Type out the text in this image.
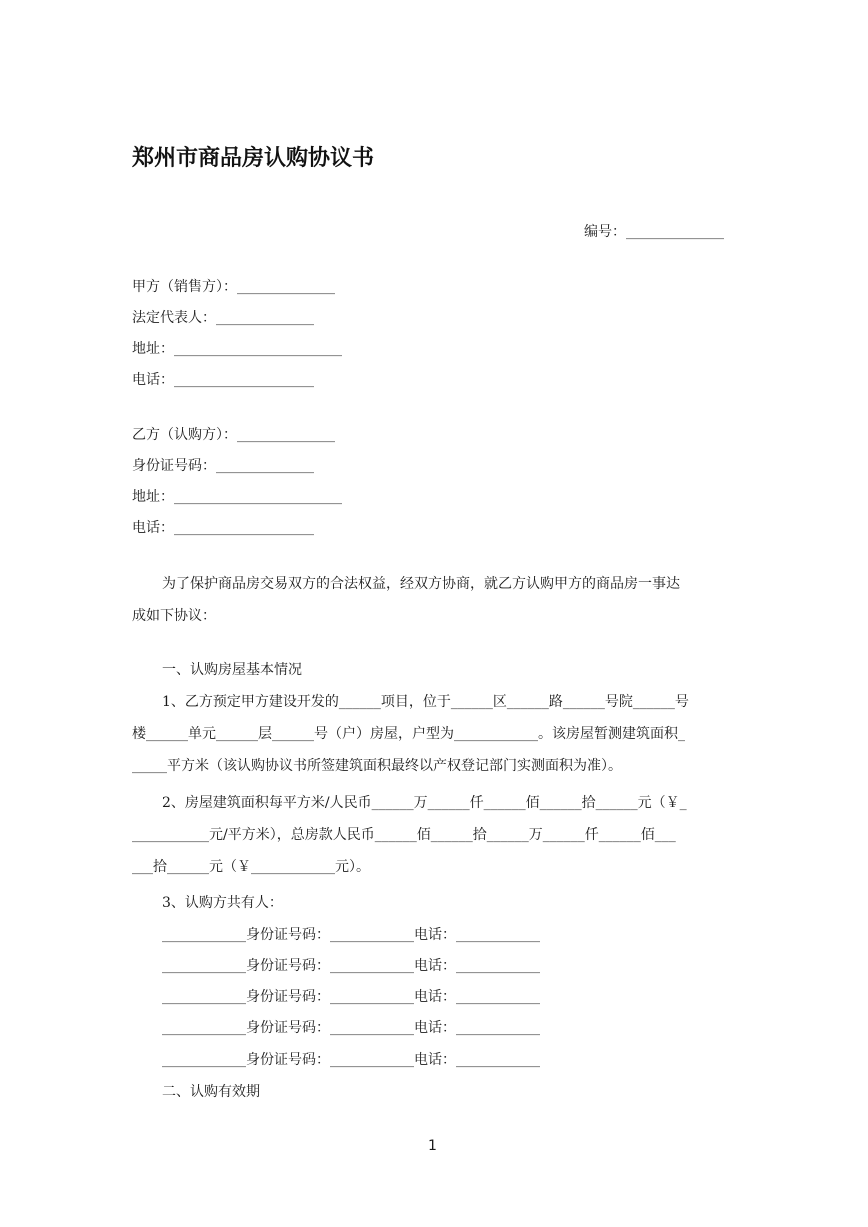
郑州市商品房认购协议书
编号：______________
甲方（销售方）：______________
法定代表人：______________
地址：________________________
电话：____________________
乙方（认购方）：______________
身份证号码：______________
地址：________________________
电话：____________________
为了保护商品房交易双方的合法权益，经双方协商，就乙方认购甲方的商品房一事达
成如下协议：
一、认购房屋基本情况
1、乙方预定甲方建设开发的______项目，位于______区______路______号院______号
楼______单元______层______号（户）房屋，户型为____________。该房屋暂测建筑面积_
_____平方米（该认购协议书所签建筑面积最终以产权登记部门实测面积为准）。
2、房屋建筑面积每平方米/人民币______万______仟______佰______拾______元（￥_
___________元/平方米），总房款人民币______佰______拾______万______仟______佰___
___拾______元（￥____________元）。
3、认购方共有人：
____________身份证号码：____________电话：____________
____________身份证号码：____________电话：____________
____________身份证号码：____________电话：____________
____________身份证号码：____________电话：____________
____________身份证号码：____________电话：____________
二、认购有效期
1
